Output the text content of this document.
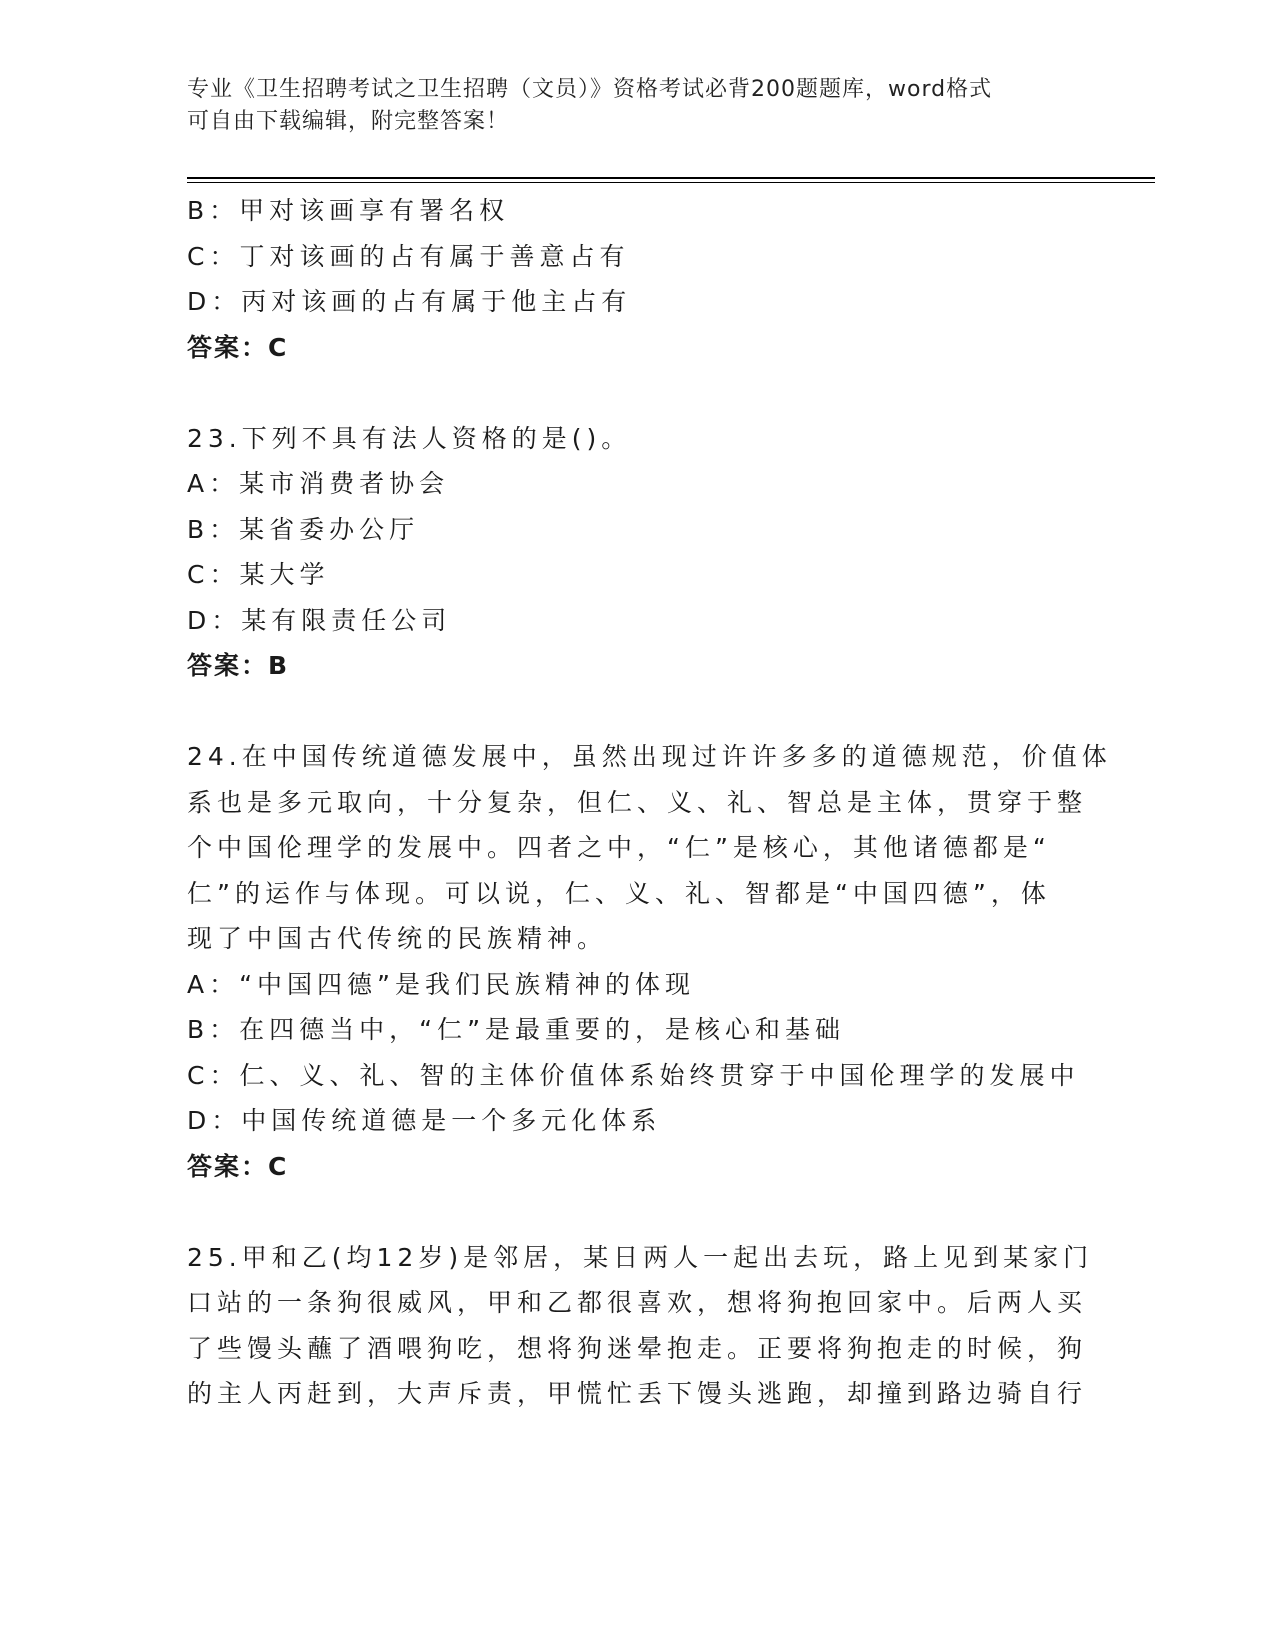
专业《卫生招聘考试之卫生招聘（文员）》资格考试必背200题题库，word格式
可自由下载编辑，附完整答案！
B：甲对该画享有署名权
C：丁对该画的占有属于善意占有
D：丙对该画的占有属于他主占有
答案：C
23.下列不具有法人资格的是()。
A：某市消费者协会
B：某省委办公厅
C：某大学
D：某有限责任公司
答案：B
24.在中国传统道德发展中，虽然出现过许许多多的道德规范，价值体
系也是多元取向，十分复杂，但仁、义、礼、智总是主体，贯穿于整
个中国伦理学的发展中。四者之中，“仁”是核心，其他诸德都是“
仁”的运作与体现。可以说，仁、义、礼、智都是“中国四德”，体
现了中国古代传统的民族精神。
A：“中国四德”是我们民族精神的体现
B：在四德当中，“仁”是最重要的，是核心和基础
C：仁、义、礼、智的主体价值体系始终贯穿于中国伦理学的发展中
D：中国传统道德是一个多元化体系
答案：C
25.甲和乙(均12岁)是邻居，某日两人一起出去玩，路上见到某家门
口站的一条狗很威风，甲和乙都很喜欢，想将狗抱回家中。后两人买
了些馒头蘸了酒喂狗吃，想将狗迷晕抱走。正要将狗抱走的时候，狗
的主人丙赶到，大声斥责，甲慌忙丢下馒头逃跑，却撞到路边骑自行
